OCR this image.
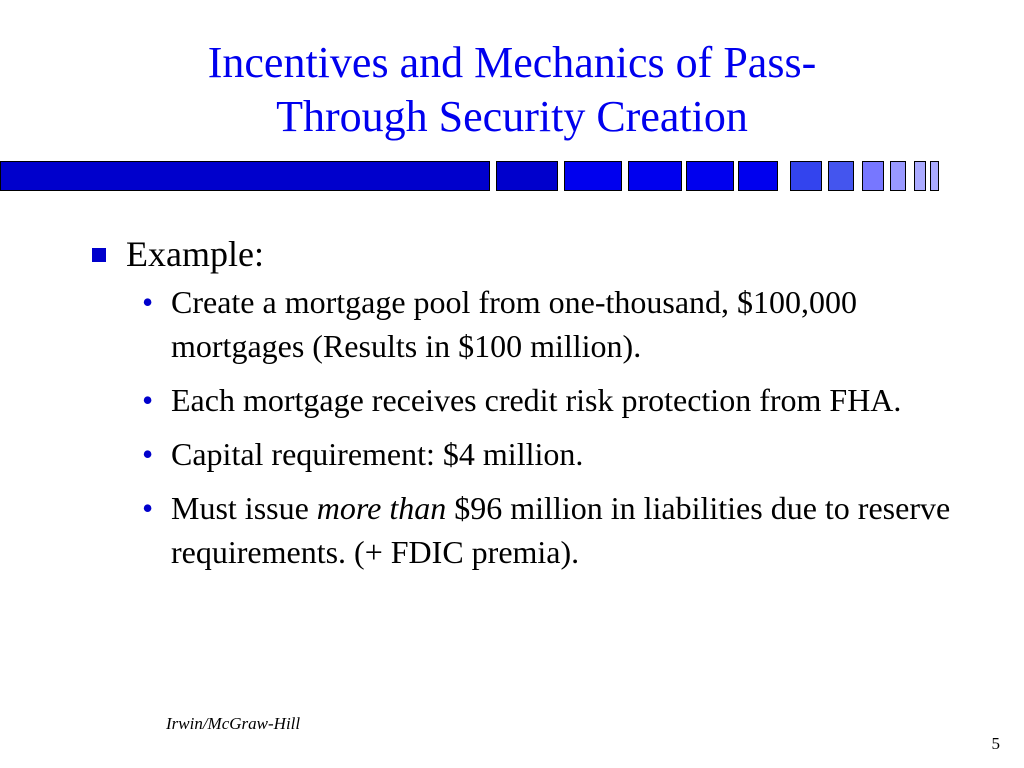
Incentives and Mechanics of Pass-
Through Security Creation
Example:
• Create a mortgage pool from one-thousand, $100,000 mortgages (Results in $100 million).
• Each mortgage receives credit risk protection from FHA.
• Capital requirement: $4 million.
• Must issue more than $96 million in liabilities due to reserve requirements. (+ FDIC premia).
Irwin/McGraw-Hill
5
